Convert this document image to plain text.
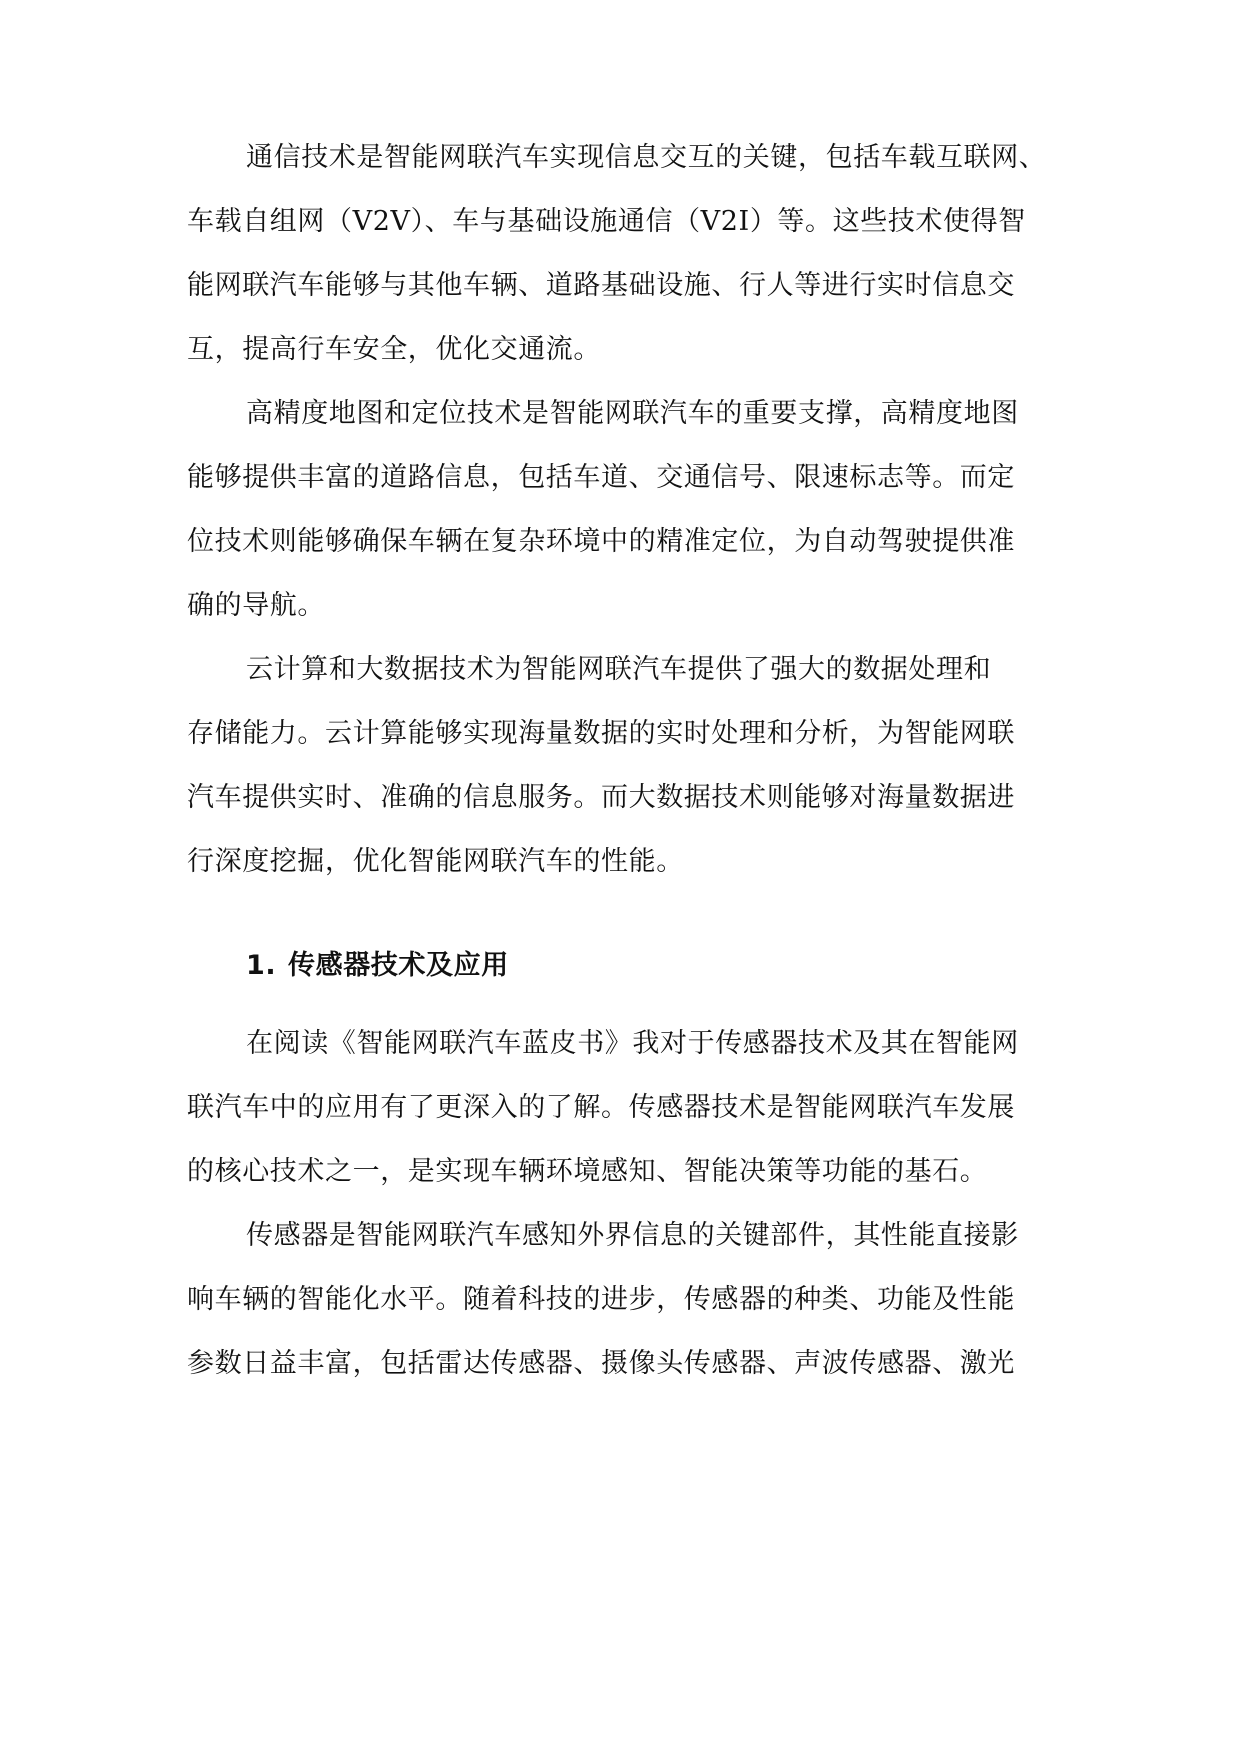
通信技术是智能网联汽车实现信息交互的关键，包括车载互联网、
车载自组网（V2V）、车与基础设施通信（V2I）等。这些技术使得智
能网联汽车能够与其他车辆、道路基础设施、行人等进行实时信息交
互，提高行车安全，优化交通流。
高精度地图和定位技术是智能网联汽车的重要支撑，高精度地图
能够提供丰富的道路信息，包括车道、交通信号、限速标志等。而定
位技术则能够确保车辆在复杂环境中的精准定位，为自动驾驶提供准
确的导航。
云计算和大数据技术为智能网联汽车提供了强大的数据处理和
存储能力。云计算能够实现海量数据的实时处理和分析，为智能网联
汽车提供实时、准确的信息服务。而大数据技术则能够对海量数据进
行深度挖掘，优化智能网联汽车的性能。
1. 传感器技术及应用
在阅读《智能网联汽车蓝皮书》我对于传感器技术及其在智能网
联汽车中的应用有了更深入的了解。传感器技术是智能网联汽车发展
的核心技术之一，是实现车辆环境感知、智能决策等功能的基石。
传感器是智能网联汽车感知外界信息的关键部件，其性能直接影
响车辆的智能化水平。随着科技的进步，传感器的种类、功能及性能
参数日益丰富，包括雷达传感器、摄像头传感器、声波传感器、激光
